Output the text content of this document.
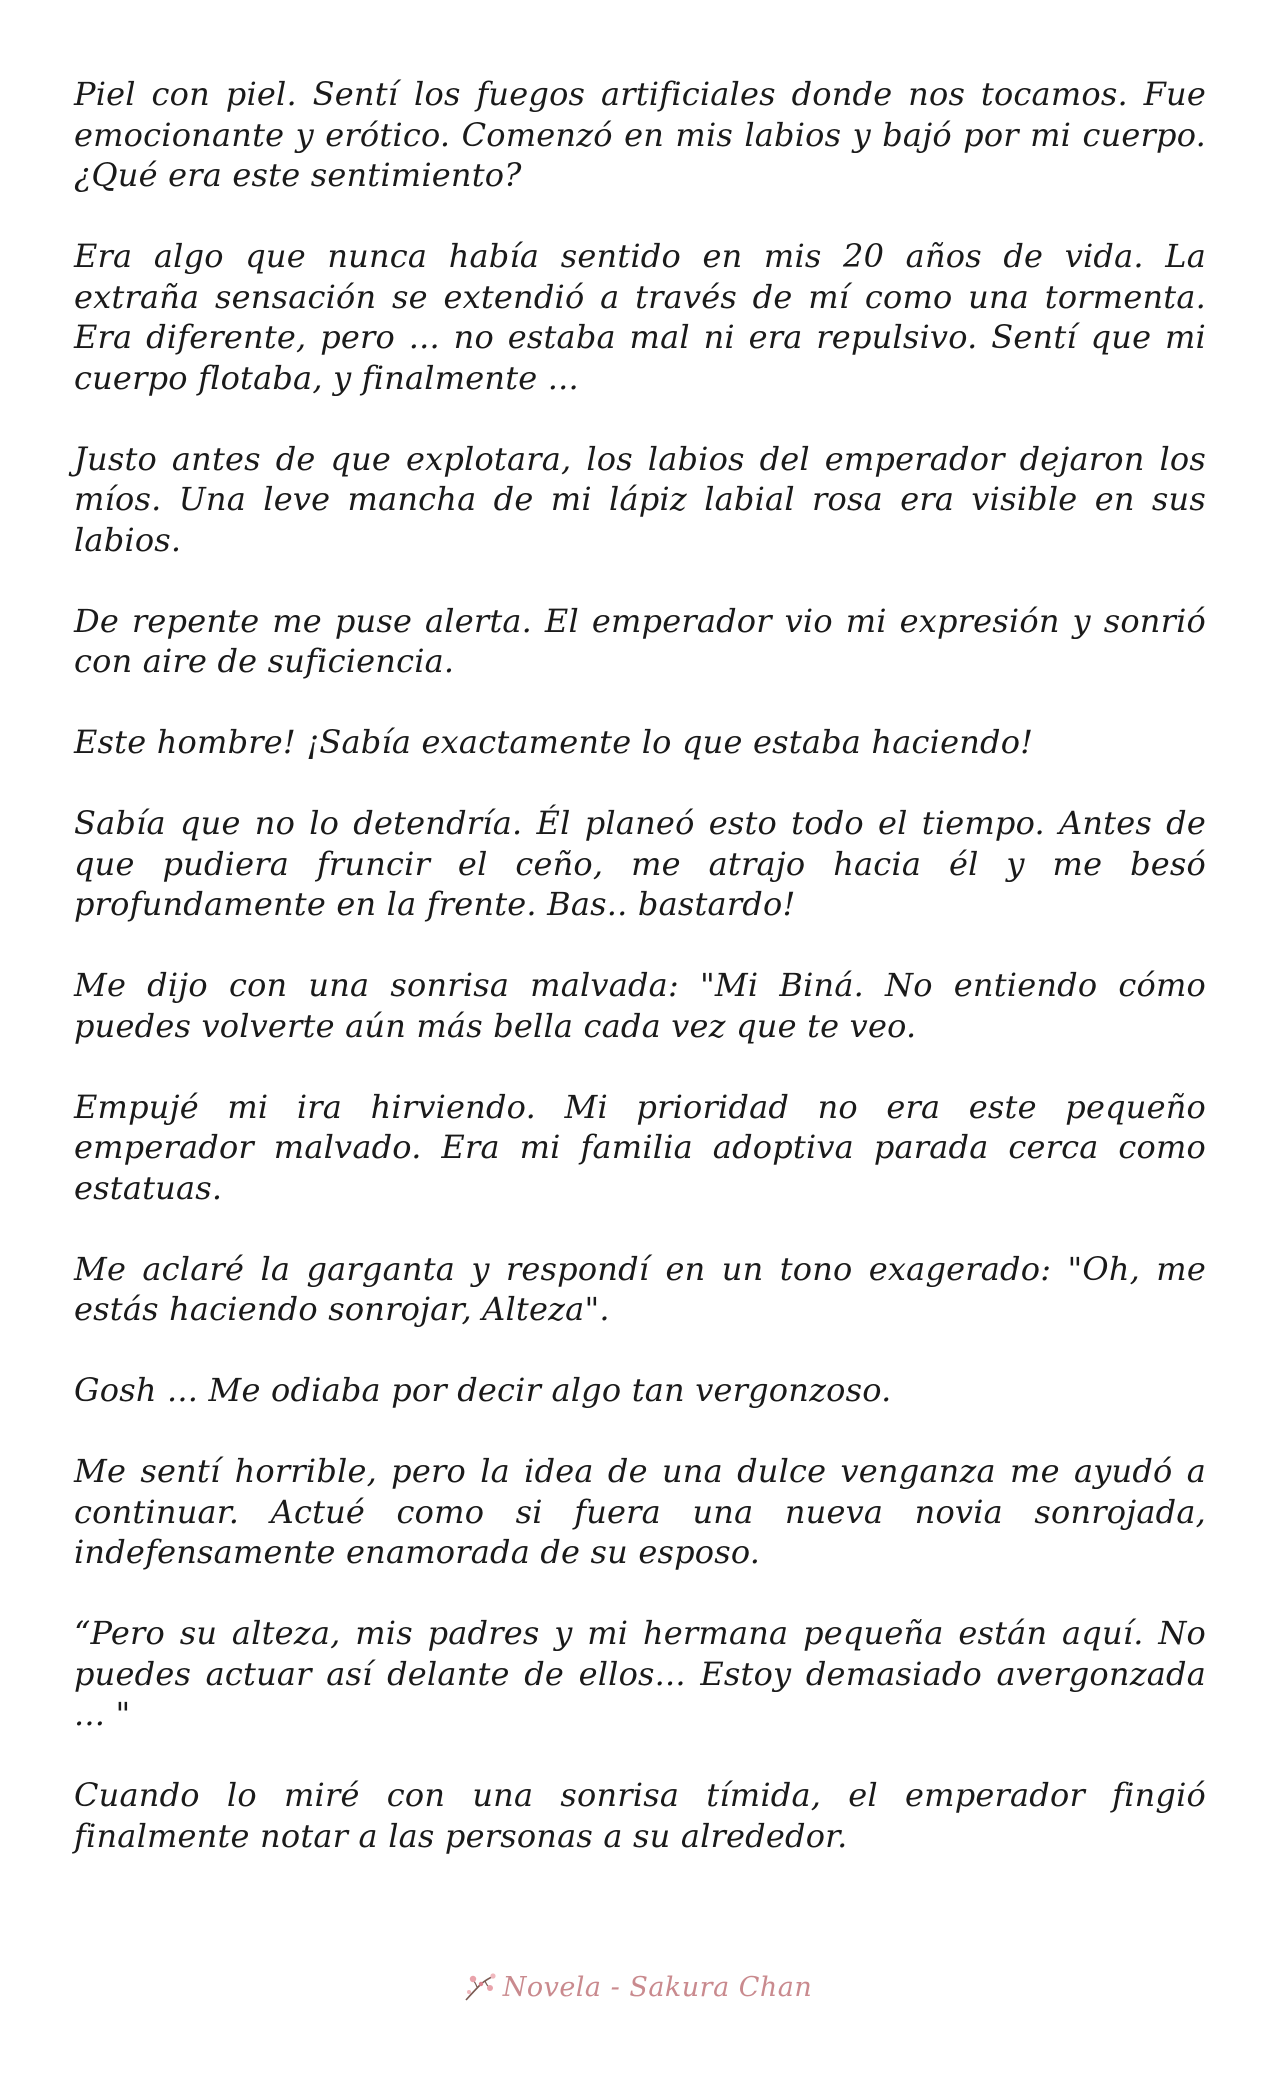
Piel con piel. Sentí los fuegos artificiales donde nos tocamos. Fue emocionante y erótico. Comenzó en mis labios y bajó por mi cuerpo. ¿Qué era este sentimiento?

Era algo que nunca había sentido en mis 20 años de vida. La extraña sensación se extendió a través de mí como una tormenta. Era diferente, pero ... no estaba mal ni era repulsivo. Sentí que mi cuerpo flotaba, y finalmente ...

Justo antes de que explotara, los labios del emperador dejaron los míos. Una leve mancha de mi lápiz labial rosa era visible en sus labios.

De repente me puse alerta. El emperador vio mi expresión y sonrió con aire de suficiencia.

Este hombre! ¡Sabía exactamente lo que estaba haciendo!

Sabía que no lo detendría. Él planeó esto todo el tiempo. Antes de que pudiera fruncir el ceño, me atrajo hacia él y me besó profundamente en la frente. Bas.. bastardo!

Me dijo con una sonrisa malvada: "Mi Biná. No entiendo cómo puedes volverte aún más bella cada vez que te veo.

Empujé mi ira hirviendo. Mi prioridad no era este pequeño emperador malvado. Era mi familia adoptiva parada cerca como estatuas.

Me aclaré la garganta y respondí en un tono exagerado: "Oh, me estás haciendo sonrojar, Alteza".

Gosh ... Me odiaba por decir algo tan vergonzoso.

Me sentí horrible, pero la idea de una dulce venganza me ayudó a continuar. Actué como si fuera una nueva novia sonrojada, indefensamente enamorada de su esposo.

“Pero su alteza, mis padres y mi hermana pequeña están aquí. No puedes actuar así delante de ellos... Estoy demasiado avergonzada ... "

Cuando lo miré con una sonrisa tímida, el emperador fingió finalmente notar a las personas a su alrededor.

Novela - Sakura Chan
